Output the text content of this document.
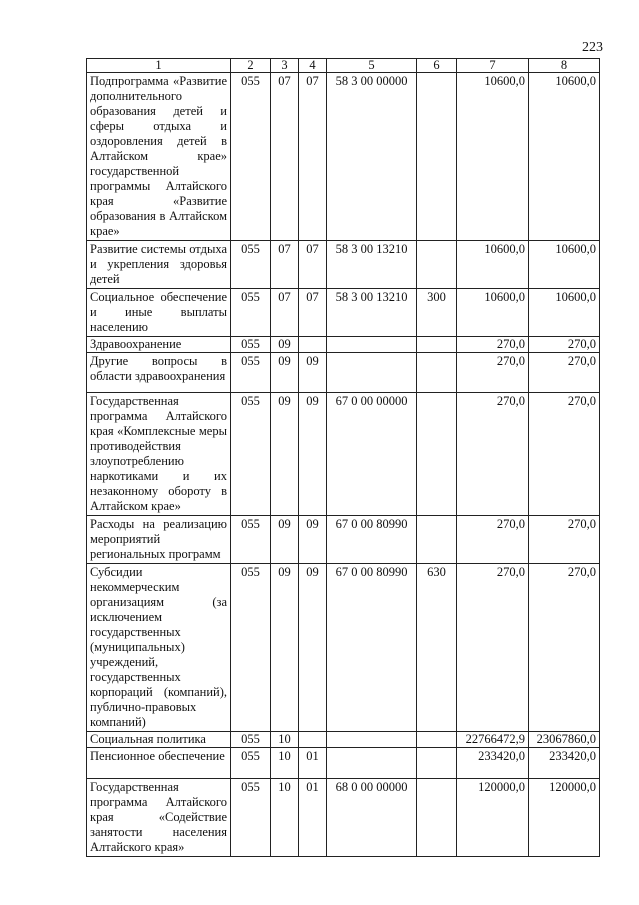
223
1	2	3	4	5	6	7	8
Подпрограмма «Развитие дополнительного образования детей и сферы отдыха и оздоровления детей в Алтайском крае» государственной программы Алтайского края «Развитие образования в Алтайском крае»	055	07	07	58 3 00 00000		10600,0	10600,0
Развитие системы отдыха и укрепления здоровья детей	055	07	07	58 3 00 13210		10600,0	10600,0
Социальное обеспечение и иные выплаты населению	055	07	07	58 3 00 13210	300	10600,0	10600,0
Здравоохранение	055	09				270,0	270,0
Другие вопросы в области здравоохранения	055	09	09			270,0	270,0
Государственная программа Алтайского края «Комплексные меры противодействия злоупотреблению наркотиками и их незаконному обороту в Алтайском крае»	055	09	09	67 0 00 00000		270,0	270,0
Расходы на реализацию мероприятий региональных программ	055	09	09	67 0 00 80990		270,0	270,0
Субсидии некоммерческим организациям (за исключением государственных (муниципальных) учреждений, государственных корпораций (компаний), публично-правовых компаний)	055	09	09	67 0 00 80990	630	270,0	270,0
Социальная политика	055	10				22766472,9	23067860,0
Пенсионное обеспечение	055	10	01			233420,0	233420,0
Государственная программа Алтайского края «Содействие занятости населения Алтайского края»	055	10	01	68 0 00 00000		120000,0	120000,0
